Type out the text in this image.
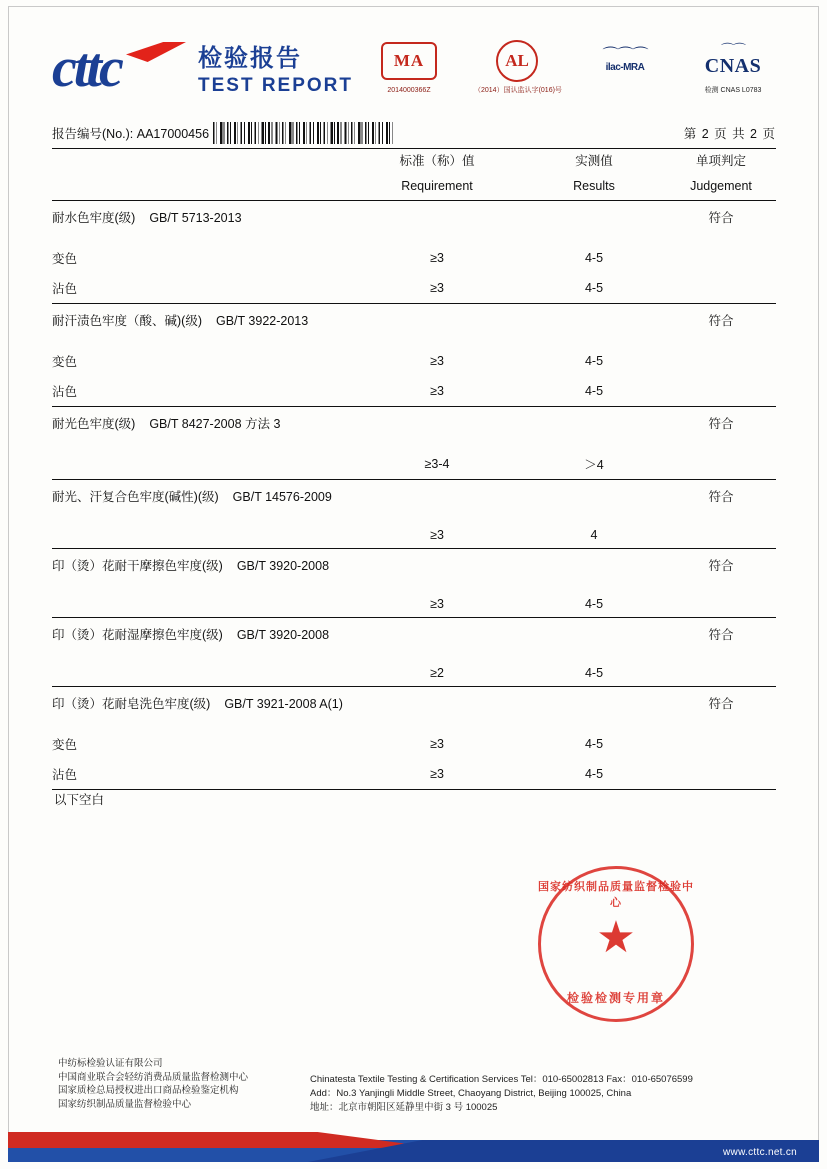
cttc	检验报告
TEST REPORT
MA
2014000366Z
AL
（2014）国认监认字(016)号
⌒⌒⌒
ilac-MRA
⌒⌒
CNAS
检测 CNAS L0783
报告编号(No.): AA17000456	第 2 页 共 2 页

	标准（称）值	实测值	单项判定
	Requirement	Results	Judgement

耐水色牢度(级) GB/T 5713-2013			符合

变色	≥3	4-5	
沾色	≥3	4-5	
耐汗渍色牢度（酸、碱)(级) GB/T 3922-2013			符合

变色	≥3	4-5	
沾色	≥3	4-5	
耐光色牢度(级) GB/T 8427-2008 方法 3			符合

	≥3-4	＞4	
耐光、汗复合色牢度(碱性)(级) GB/T 14576-2009			符合

	≥3	4	
印（烫）花耐干摩擦色牢度(级) GB/T 3920-2008			符合

	≥3	4-5	
印（烫）花耐湿摩擦色牢度(级) GB/T 3920-2008			符合

	≥2	4-5	
印（烫）花耐皂洗色牢度(级) GB/T 3921-2008 A(1)			符合

变色	≥3	4-5	
沾色	≥3	4-5	
以下空白
★
国家纺织制品质量监督检验中心
检验检测专用章
中纺标检验认证有限公司
中国商业联合会轻纺消费品质量监督检测中心
国家质检总局授权进出口商品检验鉴定机构
国家纺织制品质量监督检验中心
Chinatesta Textile Testing & Certification Services Tel：010-65002813 Fax：010-65076599
Add：No.3 Yanjingli Middle Street, Chaoyang District, Beijing 100025, China
地址：北京市朝阳区延静里中街 3 号 100025
www.cttc.net.cn
